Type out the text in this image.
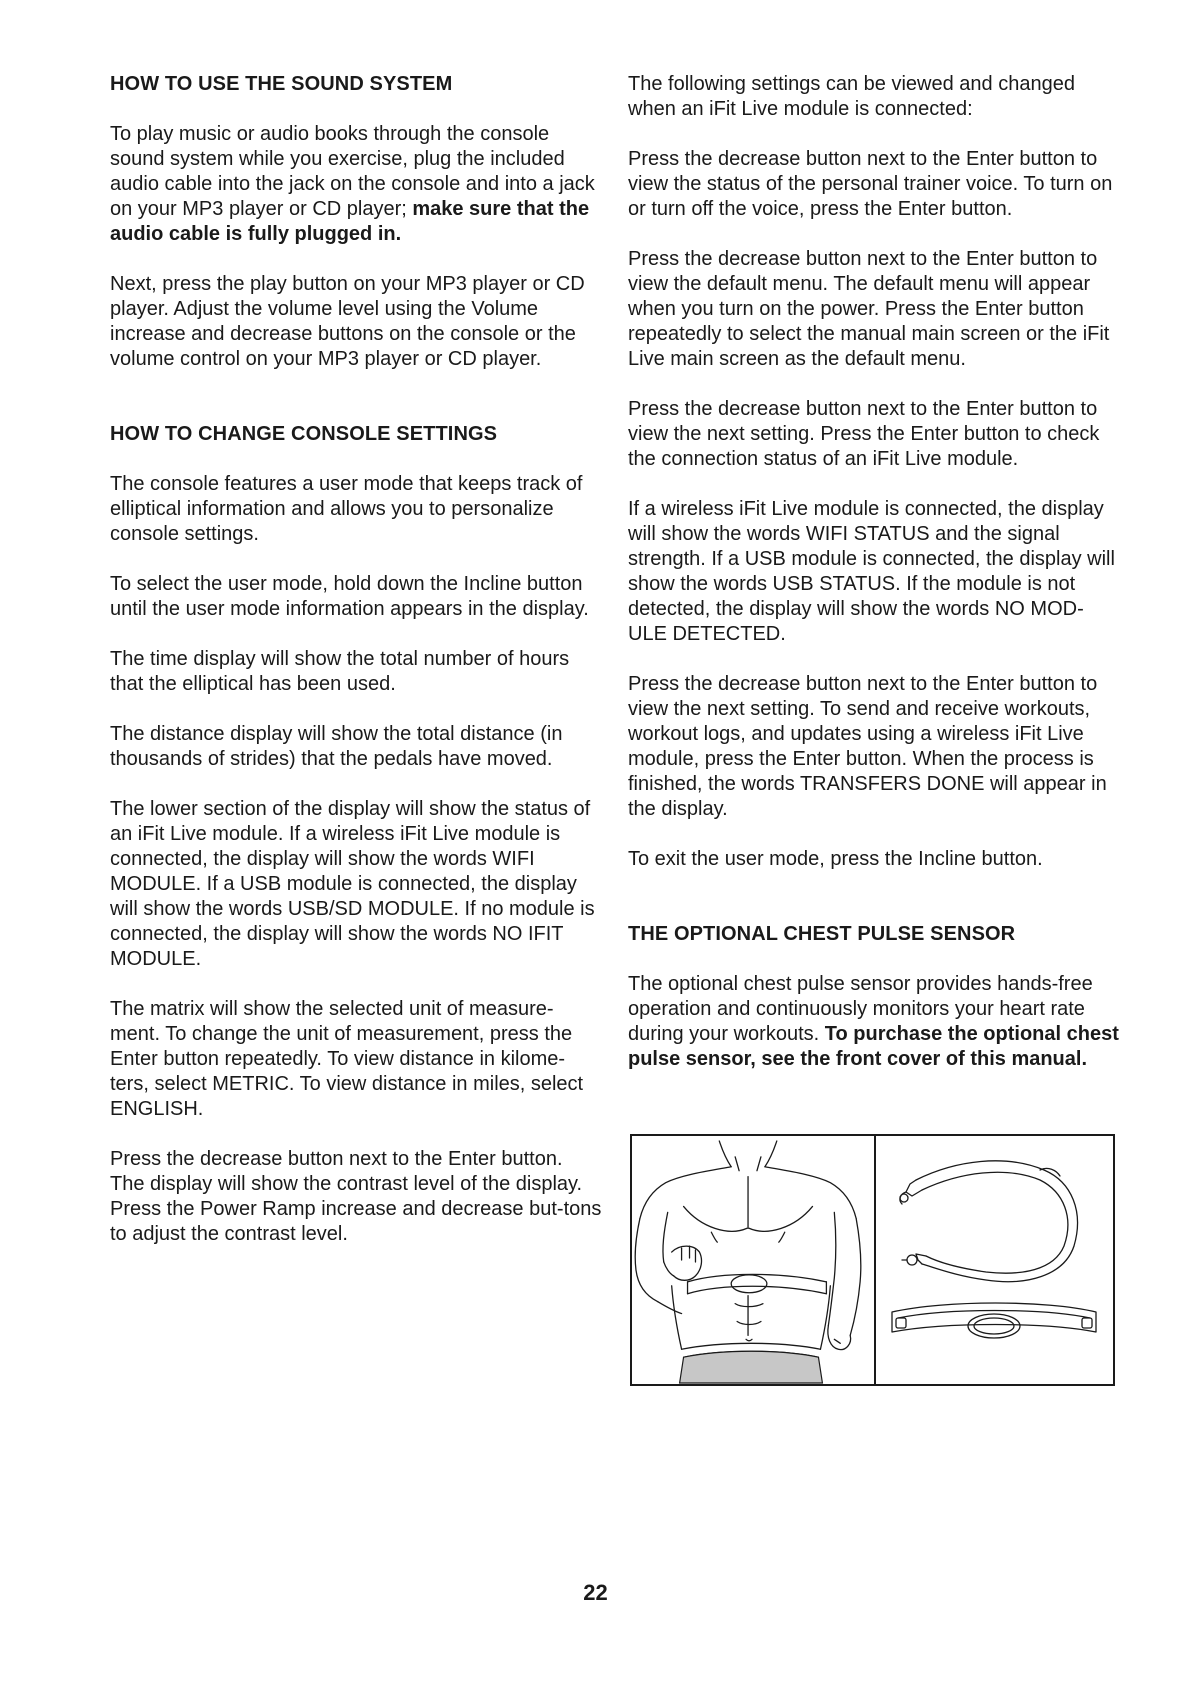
HOW TO USE THE SOUND SYSTEM
To play music or audio books through the console sound system while you exercise, plug the included audio cable into the jack on the console and into a jack on your MP3 player or CD player; make sure that the audio cable is fully plugged in.
Next, press the play button on your MP3 player or CD player. Adjust the volume level using the Volume increase and decrease buttons on the console or the volume control on your MP3 player or CD player.
HOW TO CHANGE CONSOLE SETTINGS
The console features a user mode that keeps track of elliptical information and allows you to personalize console settings.
To select the user mode, hold down the Incline button until the user mode information appears in the display.
The time display will show the total number of hours that the elliptical has been used.
The distance display will show the total distance (in thousands of strides) that the pedals have moved.
The lower section of the display will show the status of an iFit Live module. If a wireless iFit Live module is connected, the display will show the words WIFI MODULE. If a USB module is connected, the display will show the words USB/SD MODULE. If no module is connected, the display will show the words NO IFIT MODULE.
The matrix will show the selected unit of measure-ment. To change the unit of measurement, press the Enter button repeatedly. To view distance in kilome-ters, select METRIC. To view distance in miles, select ENGLISH.
Press the decrease button next to the Enter button. The display will show the contrast level of the display. Press the Power Ramp increase and decrease but-tons to adjust the contrast level.
The following settings can be viewed and changed when an iFit Live module is connected:
Press the decrease button next to the Enter button to view the status of the personal trainer voice. To turn on or turn off the voice, press the Enter button.
Press the decrease button next to the Enter button to view the default menu. The default menu will appear when you turn on the power. Press the Enter button repeatedly to select the manual main screen or the iFit Live main screen as the default menu.
Press the decrease button next to the Enter button to view the next setting. Press the Enter button to check the connection status of an iFit Live module.
If a wireless iFit Live module is connected, the display will show the words WIFI STATUS and the signal strength. If a USB module is connected, the display will show the words USB STATUS. If the module is not detected, the display will show the words NO MOD-ULE DETECTED.
Press the decrease button next to the Enter button to view the next setting. To send and receive workouts, workout logs, and updates using a wireless iFit Live module, press the Enter button. When the process is finished, the words TRANSFERS DONE will appear in the display.
To exit the user mode, press the Incline button.
THE OPTIONAL CHEST PULSE SENSOR
The optional chest pulse sensor provides hands-free operation and continuously monitors your heart rate during your workouts. To purchase the optional chest pulse sensor, see the front cover of this manual.
22
